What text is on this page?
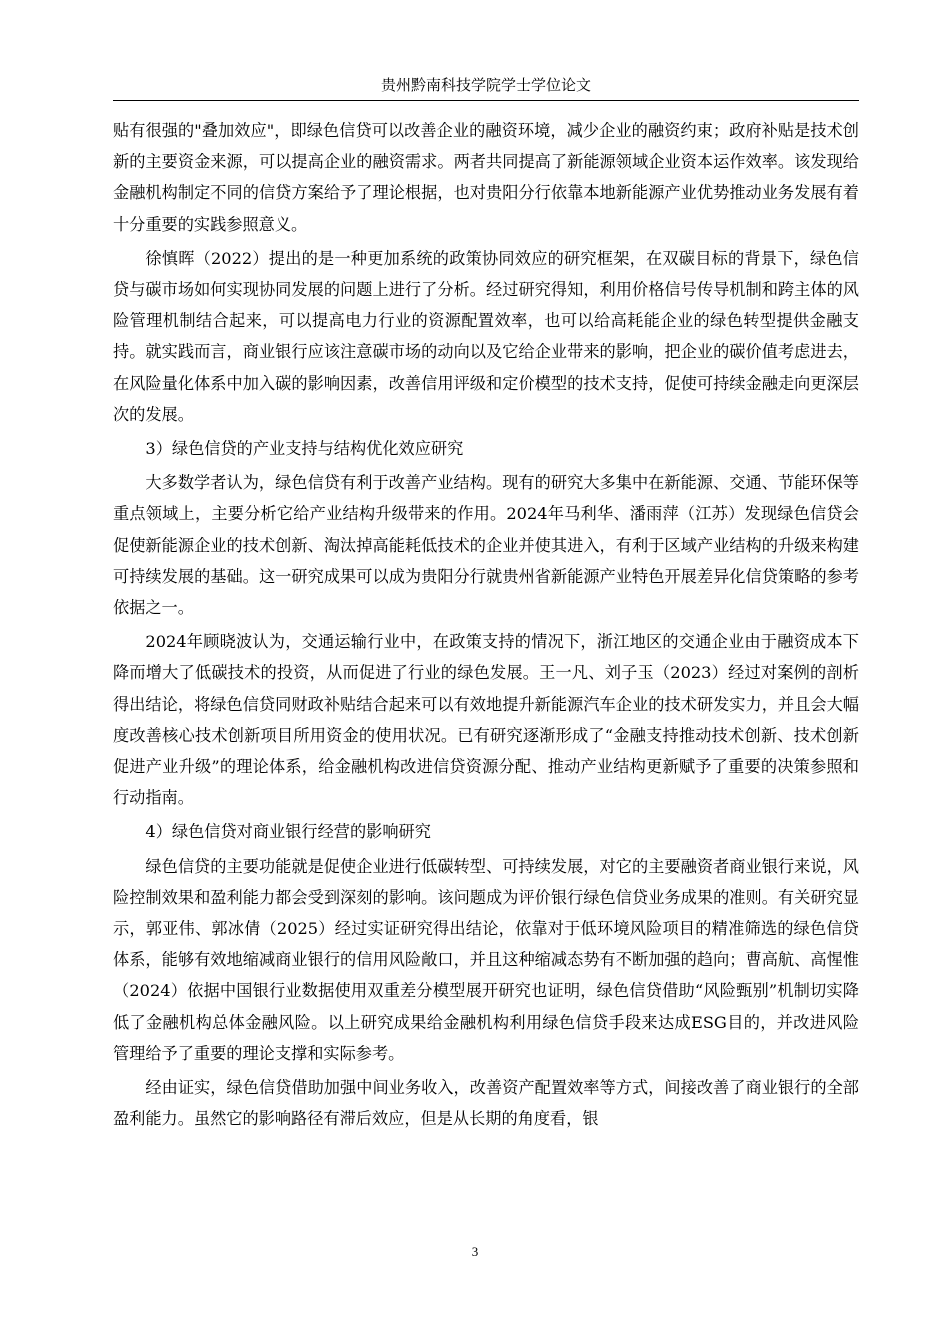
贵州黔南科技学院学士学位论文

贴有很强的"叠加效应"，即绿色信贷可以改善企业的融资环境，减少企业的融资约束；政府补贴是技术创新的主要资金来源，可以提高企业的融资需求。两者共同提高了新能源领域企业资本运作效率。该发现给金融机构制定不同的信贷方案给予了理论根据，也对贵阳分行依靠本地新能源产业优势推动业务发展有着十分重要的实践参照意义。

徐慎晖（2022）提出的是一种更加系统的政策协同效应的研究框架，在双碳目标的背景下，绿色信贷与碳市场如何实现协同发展的问题上进行了分析。经过研究得知，利用价格信号传导机制和跨主体的风险管理机制结合起来，可以提高电力行业的资源配置效率，也可以给高耗能企业的绿色转型提供金融支持。就实践而言，商业银行应该注意碳市场的动向以及它给企业带来的影响，把企业的碳价值考虑进去，在风险量化体系中加入碳的影响因素，改善信用评级和定价模型的技术支持，促使可持续金融走向更深层次的发展。

3）绿色信贷的产业支持与结构优化效应研究

大多数学者认为，绿色信贷有利于改善产业结构。现有的研究大多集中在新能源、交通、节能环保等重点领域上，主要分析它给产业结构升级带来的作用。2024年马利华、潘雨萍（江苏）发现绿色信贷会促使新能源企业的技术创新、淘汰掉高能耗低技术的企业并使其进入，有利于区域产业结构的升级来构建可持续发展的基础。这一研究成果可以成为贵阳分行就贵州省新能源产业特色开展差异化信贷策略的参考依据之一。

2024年顾晓波认为，交通运输行业中，在政策支持的情况下，浙江地区的交通企业由于融资成本下降而增大了低碳技术的投资，从而促进了行业的绿色发展。王一凡、刘子玉（2023）经过对案例的剖析得出结论，将绿色信贷同财政补贴结合起来可以有效地提升新能源汽车企业的技术研发实力，并且会大幅度改善核心技术创新项目所用资金的使用状况。已有研究逐渐形成了“金融支持推动技术创新、技术创新促进产业升级”的理论体系，给金融机构改进信贷资源分配、推动产业结构更新赋予了重要的决策参照和行动指南。

4）绿色信贷对商业银行经营的影响研究

绿色信贷的主要功能就是促使企业进行低碳转型、可持续发展，对它的主要融资者商业银行来说，风险控制效果和盈利能力都会受到深刻的影响。该问题成为评价银行绿色信贷业务成果的准则。有关研究显示，郭亚伟、郭冰倩（2025）经过实证研究得出结论，依靠对于低环境风险项目的精准筛选的绿色信贷体系，能够有效地缩减商业银行的信用风险敞口，并且这种缩减态势有不断加强的趋向；曹高航、高惺惟（2024）依据中国银行业数据使用双重差分模型展开研究也证明，绿色信贷借助“风险甄别”机制切实降低了金融机构总体金融风险。以上研究成果给金融机构利用绿色信贷手段来达成ESG目的，并改进风险管理给予了重要的理论支撑和实际参考。

经由证实，绿色信贷借助加强中间业务收入，改善资产配置效率等方式，间接改善了商业银行的全部盈利能力。虽然它的影响路径有滞后效应，但是从长期的角度看，银

3
